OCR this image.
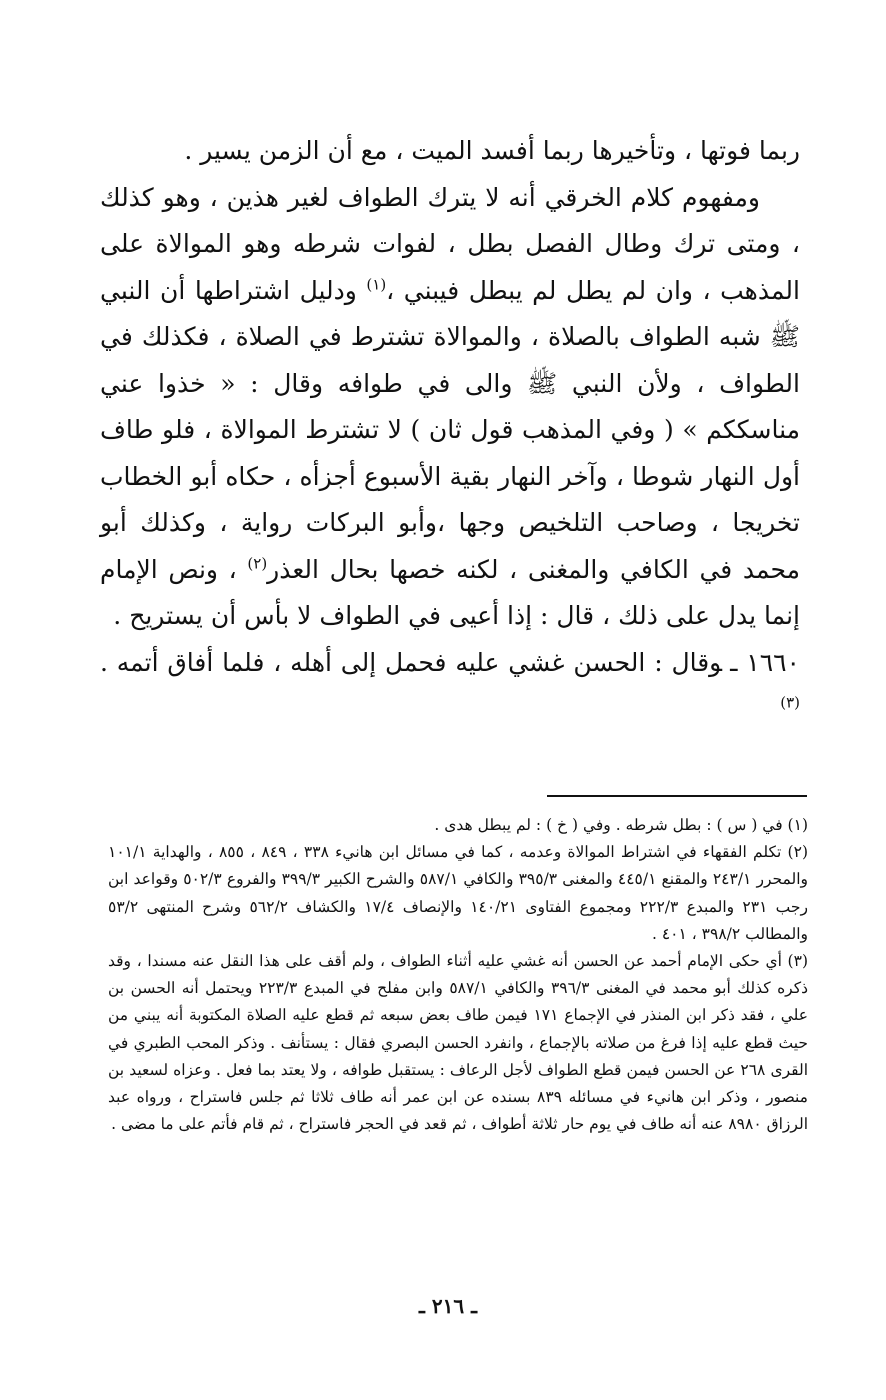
ربما فوتها ، وتأخيرها ربما أفسد الميت ، مع أن الزمن يسير .

ومفهوم كلام الخرقي أنه لا يترك الطواف لغير هذين ، وهو كذلك ، ومتى ترك وطال الفصل بطل ، لفوات شرطه وهو الموالاة على المذهب ، وان لم يطل لم يبطل فيبني ،$^{(١)}$ ودليل اشتراطها أن النبي ﷺ شبه الطواف بالصلاة ، والموالاة تشترط في الصلاة ، فكذلك في الطواف ، ولأن النبي ﷺ والى في طوافه وقال : « خذوا عني مناسككم » ( وفي المذهب قول ثان ) لا تشترط الموالاة ، فلو طاف أول النهار شوطا ، وآخر النهار بقية الأسبوع أجزأه ، حكاه أبو الخطاب تخريجا ، وصاحب التلخيص وجها ،وأبو البركات رواية ، وكذلك أبو محمد في الكافي والمغنى ، لكنه خصها بحال العذر$^{(٢)}$ ، ونص الإمام إنما يدل على ذلك ، قال : إذا أعيى في الطواف لا بأس أن يستريح .

١٦٦٠ ـوقال : الحسن غشي عليه فحمل إلى أهله ، فلما أفاق أتمه .$^{(٣)}$

(١) في ( س ) : بطل شرطه . وفي ( خ ) : لم يبطل هدى .

(٢) تكلم الفقهاء في اشتراط الموالاة وعدمه ، كما في مسائل ابن هانيء ٣٣٨ ، ٨٤٩ ، ٨٥٥ ، والهداية ١٠١/١ والمحرر ٢٤٣/١ والمقنع ٤٤٥/١ والمغنى ٣٩٥/٣ والكافي ٥٨٧/١ والشرح الكبير ٣٩٩/٣ والفروع ٥٠٢/٣ وقواعد ابن رجب ٢٣١ والمبدع ٢٢٢/٣ ومجموع الفتاوى ١٤٠/٢١ والإنصاف ١٧/٤ والكشاف ٥٦٢/٢ وشرح المنتهى ٥٣/٢ والمطالب ٣٩٨/٢ ، ٤٠١ .

(٣) أي حكى الإمام أحمد عن الحسن أنه غشي عليه أثناء الطواف ، ولم أقف على هذا النقل عنه مسندا ، وقد ذكره كذلك أبو محمد في المغنى ٣٩٦/٣ والكافي ٥٨٧/١ وابن مفلح في المبدع ٢٢٣/٣ ويحتمل أنه الحسن بن علي ، فقد ذكر ابن المنذر في الإجماع ١٧١ فيمن طاف بعض سبعه ثم قطع عليه الصلاة المكتوبة أنه يبني من حيث قطع عليه إذا فرغ من صلاته بالإجماع ، وانفرد الحسن البصري فقال : يستأنف . وذكر المحب الطبري في القرى ٢٦٨ عن الحسن فيمن قطع الطواف لأجل الرعاف : يستقبل طوافه ، ولا يعتد بما فعل . وعزاه لسعيد بن منصور ، وذكر ابن هانيء في مسائله ٨٣٩ بسنده عن ابن عمر أنه طاف ثلاثا ثم جلس فاستراح ، ورواه عبد الرزاق ٨٩٨٠ عنه أنه طاف في يوم حار ثلاثة أطواف ، ثم قعد في الحجر فاستراح ، ثم قام فأتم على ما مضى .

ـ ٢١٦ ـ
